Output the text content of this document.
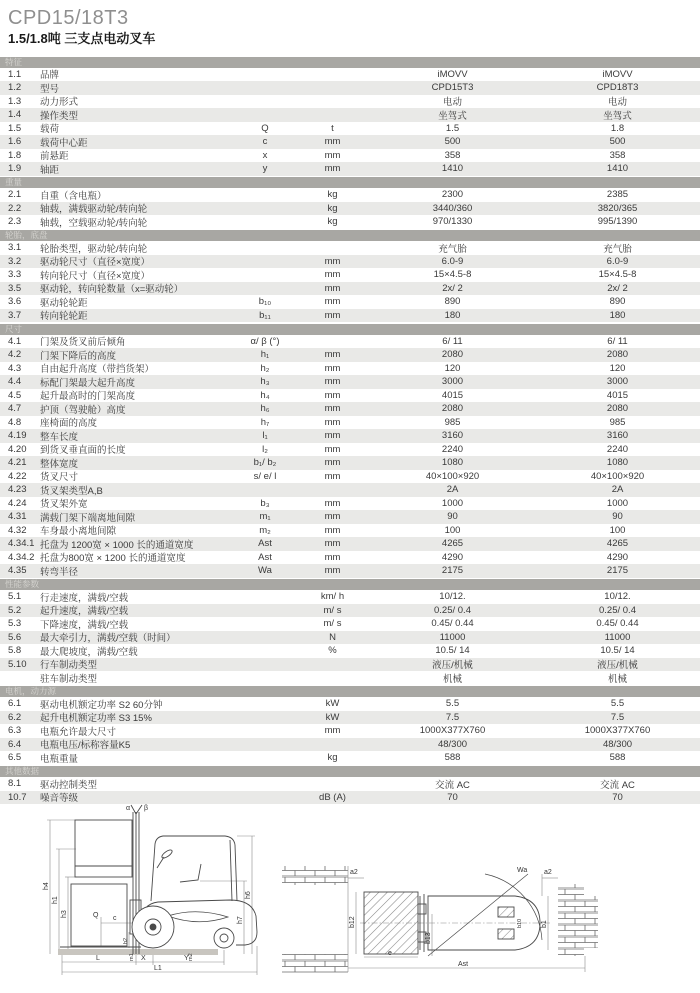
CPD15/18T3
1.5/1.8吨 三支点电动叉车
特征
1.1	品牌	iMOVV	iMOVV
1.2	型号	CPD15T3	CPD18T3
1.3	动力形式	电动	电动
1.4	操作类型	坐驾式	坐驾式
1.5	载荷	Q	t	1.5	1.8
1.6	载荷中心距	c	mm	500	500
1.8	前悬距	x	mm	358	358
1.9	轴距	y	mm	1410	1410
重量
2.1	自重（含电瓶）	kg	2300	2385
2.2	轴载，满载驱动轮/转向轮	kg	3440/360	3820/365
2.3	轴载，空载驱动轮/转向轮	kg	970/1330	995/1390
轮胎，底盘
3.1	轮胎类型，驱动轮/转向轮	充气胎	充气胎
3.2	驱动轮尺寸（直径×宽度）	mm	6.0-9	6.0-9
3.3	转向轮尺寸（直径×宽度）	mm	15×4.5-8	15×4.5-8
3.5	驱动轮，转向轮数量（x=驱动轮）	mm	2x/ 2	2x/ 2
3.6	驱动轮轮距	b₁₀	mm	890	890
3.7	转向轮轮距	b₁₁	mm	180	180
尺寸
4.1	门架及货叉前后倾角	α/ β (°)	6/ 11	6/ 11
4.2	门架下降后的高度	h₁	mm	2080	2080
4.3	自由起升高度（带挡货架）	h₂	mm	120	120
4.4	标配门架最大起升高度	h₃	mm	3000	3000
4.5	起升最高时的门架高度	h₄	mm	4015	4015
4.7	护顶（驾驶舱）高度	h₆	mm	2080	2080
4.8	座椅面的高度	h₇	mm	985	985
4.19	整车长度	l₁	mm	3160	3160
4.20	到货叉垂直面的长度	l₂	mm	2240	2240
4.21	整体宽度	b₁/ b₂	mm	1080	1080
4.22	货叉尺寸	s/ e/ l	mm	40×100×920	40×100×920
4.23	货叉架类型A,B	2A	2A
4.24	货叉架外宽	b₃	mm	1000	1000
4.31	满载门架下端离地间隙	m₁	mm	90	90
4.32	车身最小离地间隙	m₂	mm	100	100
4.34.1 托盘为 1200宽 × 1000 长的通道宽度	Ast	mm	4265	4265
4.34.2 托盘为800宽 × 1200 长的通道宽度	Ast	mm	4290	4290
4.35	转弯半径	Wa	mm	2175	2175
性能参数
5.1	行走速度，满载/空载	km/ h	10/12.	10/12.
5.2	起升速度，满载/空载	m/ s	0.25/ 0.4	0.25/ 0.4
5.3	下降速度，满载/空载	m/ s	0.45/ 0.44	0.45/ 0.44
5.6	最大牵引力，满载/空载（时间）	N	11000	11000
5.8	最大爬坡度，满载/空载	%	10.5/ 14	10.5/ 14
5.10	行车制动类型	液压/机械	液压/机械
驻车制动类型	机械	机械
电机，动力源
6.1	驱动电机额定功率 S2 60分钟	kW	5.5	5.5
6.2	起升电机额定功率 S3 15%	kW	7.5	7.5
6.3	电瓶允许最大尺寸	mm	1000X377X760	1000X377X760
6.4	电瓶电压/标称容量K5	48/300	48/300
6.5	电瓶重量	kg	588	588
其他数据
8.1	驱动控制类型	交流 AC	交流 AC
10.7	噪音等级	dB (A)	70	70
α β
Q c
h4
h1
h3
h2
h6
h7
m1	m2
L	X	Y
L1
a2	Wa a2
b12
b13
b10	b1
e
Ast
